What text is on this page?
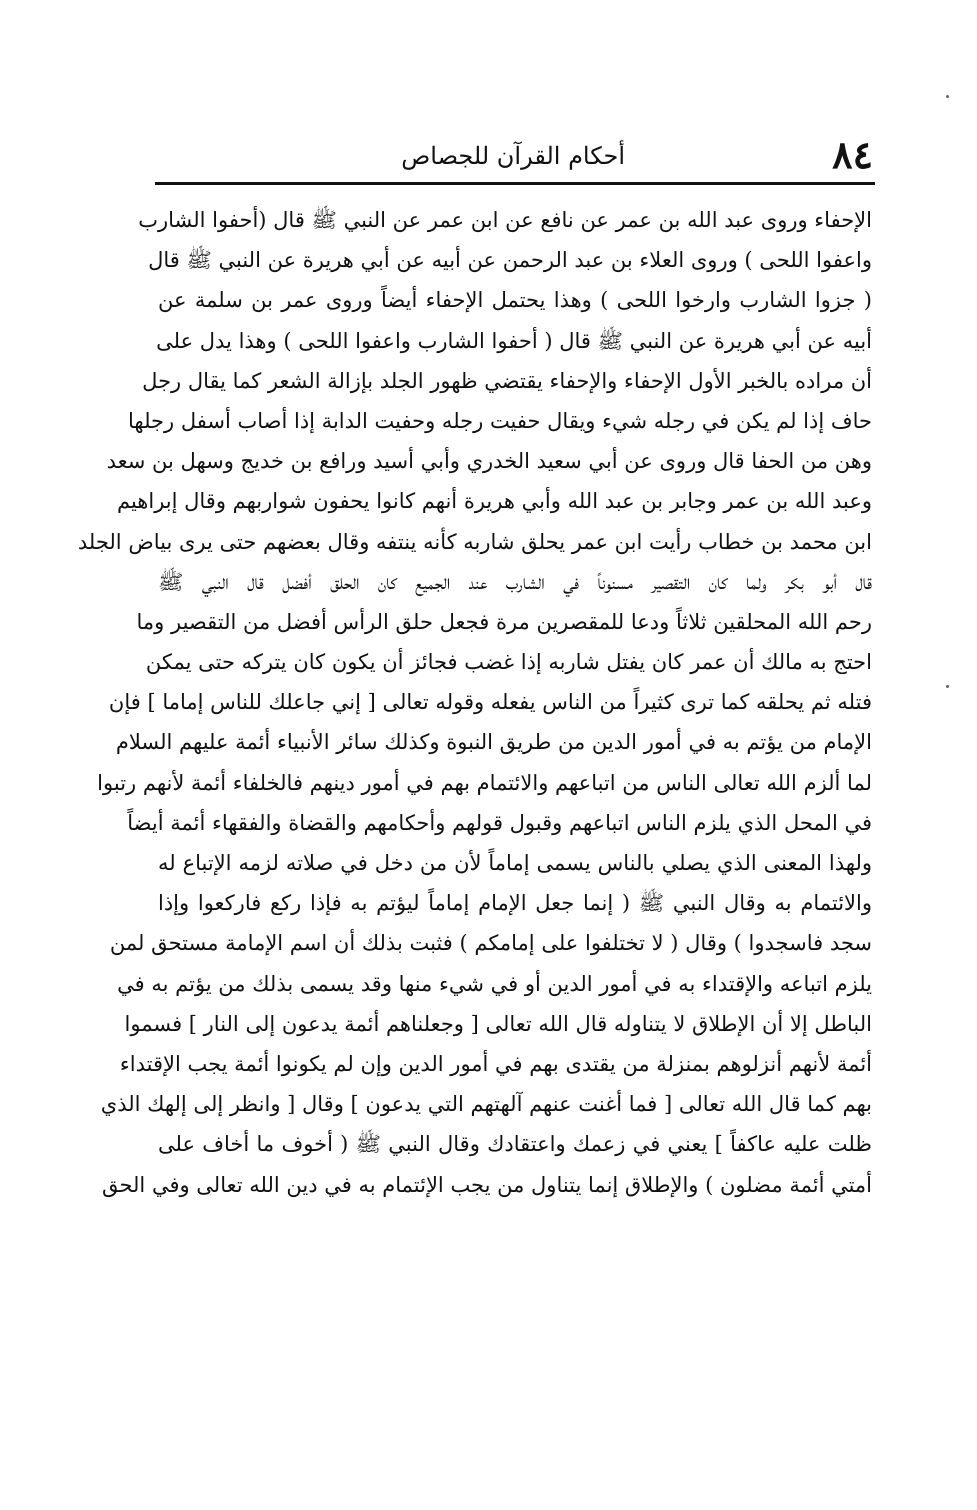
٨٤
أحكام القرآن للجصاص
الإحفاء وروى عبد الله بن عمر عن نافع عن ابن عمر عن النبي ﷺ قال (أحفوا الشارب
واعفوا اللحى ) وروى العلاء بن عبد الرحمن عن أبيه عن أبي هريرة عن النبي ﷺ قال
( جزوا الشارب وارخوا اللحى ) وهذا يحتمل الإحفاء أيضاً وروى عمر بن سلمة عن
أبيه عن أبي هريرة عن النبي ﷺ قال ( أحفوا الشارب واعفوا اللحى ) وهذا يدل على
أن مراده بالخبر الأول الإحفاء والإحفاء يقتضي ظهور الجلد بإزالة الشعر كما يقال رجل
حاف إذا لم يكن في رجله شيء ويقال حفيت رجله وحفيت الدابة إذا أصاب أسفل رجلها
وهن من الحفا قال وروى عن أبي سعيد الخدري وأبي أسيد ورافع بن خديج وسهل بن سعد
وعبد الله بن عمر وجابر بن عبد الله وأبي هريرة أنهم كانوا يحفون شواربهم وقال إبراهيم
ابن محمد بن خطاب رأيت ابن عمر يحلق شاربه كأنه ينتفه وقال بعضهم حتى يرى بياض الجلد
قال أبو بكر ولما كان التقصير مسنوناً في الشارب عند الجميع كان الحلق أفضل قال النبي ﷺ
رحم الله المحلقين ثلاثاً ودعا للمقصرين مرة فجعل حلق الرأس أفضل من التقصير وما
احتج به مالك أن عمر كان يفتل شاربه إذا غضب فجائز أن يكون كان يتركه حتى يمكن
فتله ثم يحلقه كما ترى كثيراً من الناس يفعله وقوله تعالى [ إني جاعلك للناس إماما ] فإن
الإمام من يؤتم به في أمور الدين من طريق النبوة وكذلك سائر الأنبياء أئمة عليهم السلام
لما ألزم الله تعالى الناس من اتباعهم والائتمام بهم في أمور دينهم فالخلفاء أئمة لأنهم رتبوا
في المحل الذي يلزم الناس اتباعهم وقبول قولهم وأحكامهم والقضاة والفقهاء أئمة أيضاً
ولهذا المعنى الذي يصلي بالناس يسمى إماماً لأن من دخل في صلاته لزمه الإتباع له
والائتمام به وقال النبي ﷺ ( إنما جعل الإمام إماماً ليؤتم به فإذا ركع فاركعوا وإذا
سجد فاسجدوا ) وقال ( لا تختلفوا على إمامكم ) فثبت بذلك أن اسم الإمامة مستحق لمن
يلزم اتباعه والإقتداء به في أمور الدين أو في شيء منها وقد يسمى بذلك من يؤتم به في
الباطل إلا أن الإطلاق لا يتناوله قال الله تعالى [ وجعلناهم أئمة يدعون إلى النار ] فسموا
أئمة لأنهم أنزلوهم بمنزلة من يقتدى بهم في أمور الدين وإن لم يكونوا أئمة يجب الإقتداء
بهم كما قال الله تعالى [ فما أغنت عنهم آلهتهم التي يدعون ] وقال [ وانظر إلى إلهك الذي
ظلت عليه عاكفاً ] يعني في زعمك واعتقادك وقال النبي ﷺ ( أخوف ما أخاف على
أمتي أئمة مضلون ) والإطلاق إنما يتناول من يجب الإئتمام به في دين الله تعالى وفي الحق
